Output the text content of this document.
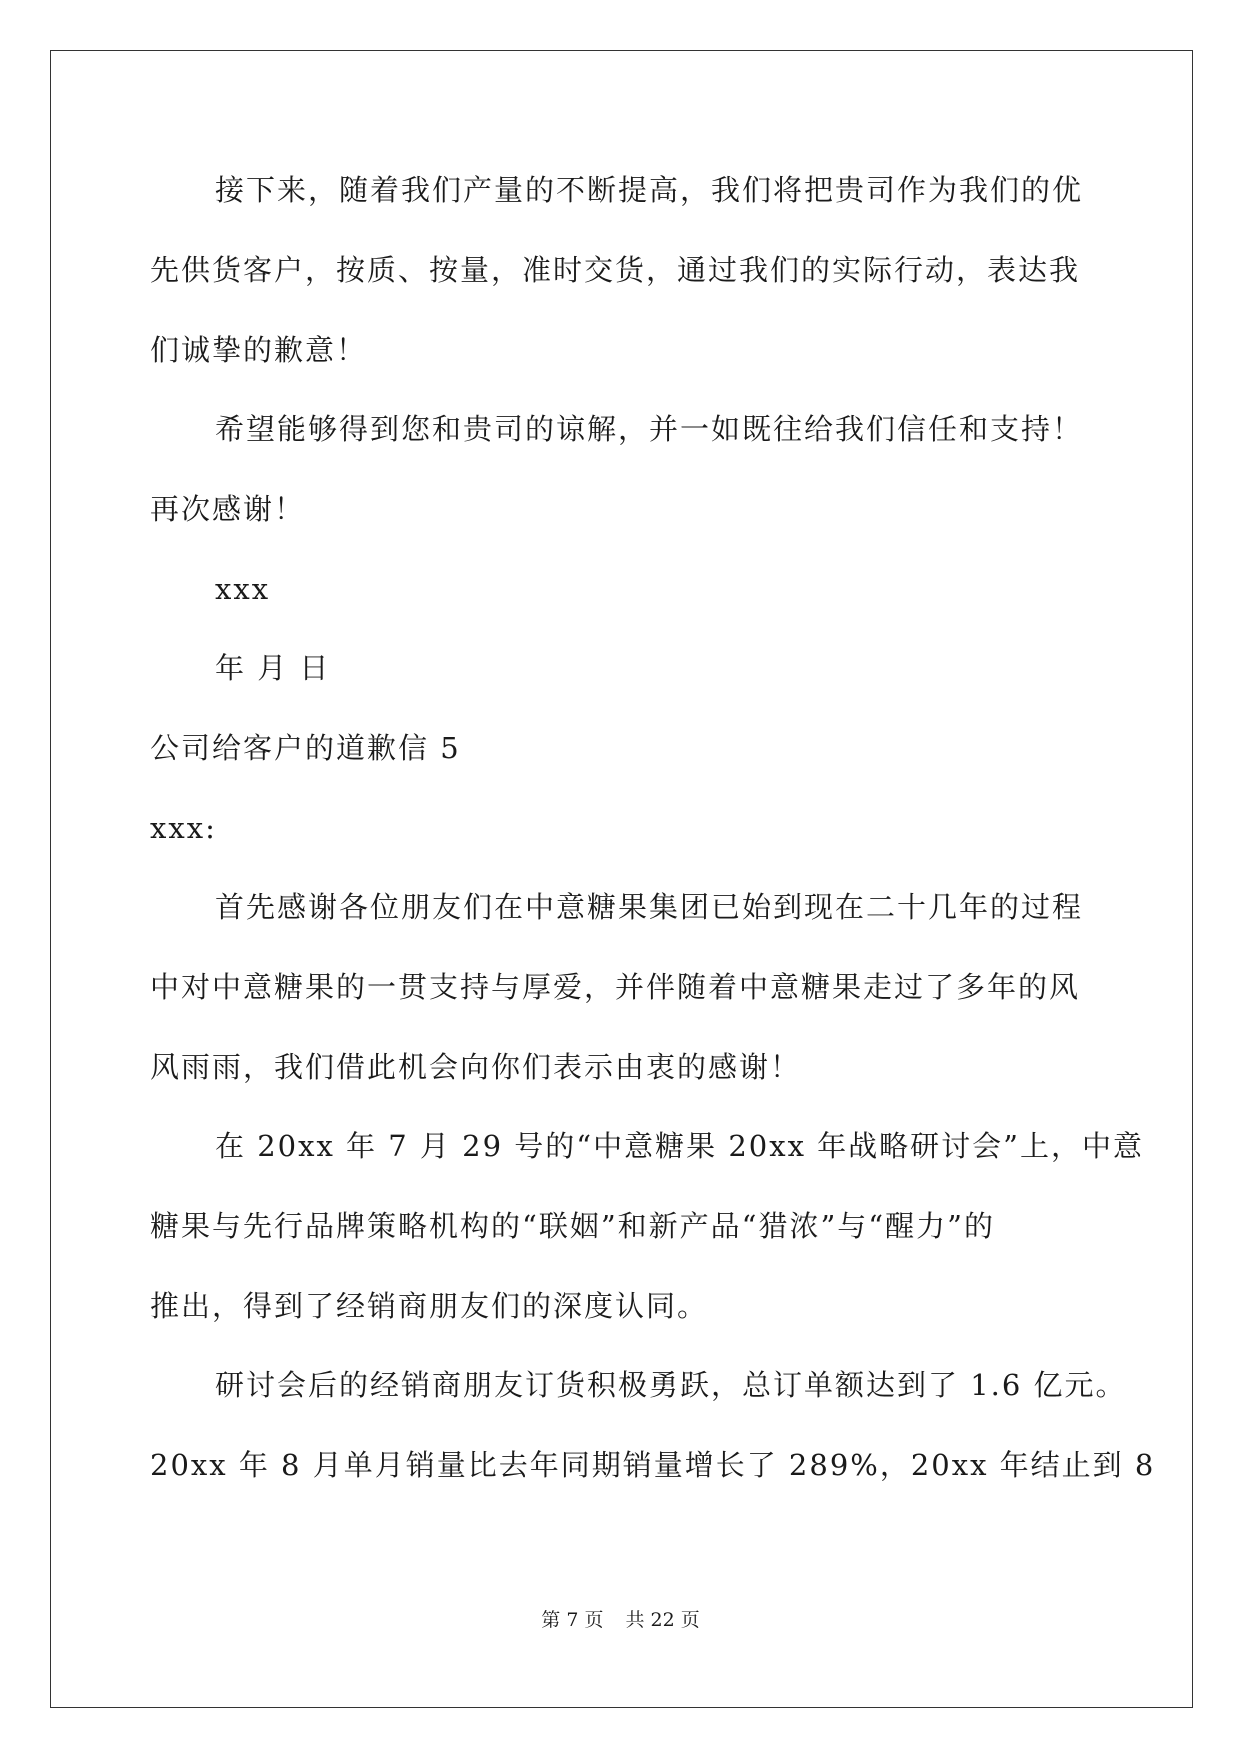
接下来，随着我们产量的不断提高，我们将把贵司作为我们的优
先供货客户，按质、按量，准时交货，通过我们的实际行动，表达我
们诚挚的歉意！
希望能够得到您和贵司的谅解，并一如既往给我们信任和支持！
再次感谢！
xxx
年 月 日
公司给客户的道歉信 5
xxx:
首先感谢各位朋友们在中意糖果集团已始到现在二十几年的过程
中对中意糖果的一贯支持与厚爱，并伴随着中意糖果走过了多年的风
风雨雨，我们借此机会向你们表示由衷的感谢！
在 20xx 年 7 月 29 号的“中意糖果 20xx 年战略研讨会”上，中意
糖果与先行品牌策略机构的“联姻”和新产品“猎浓”与“醒力”的
推出，得到了经销商朋友们的深度认同。
研讨会后的经销商朋友订货积极勇跃，总订单额达到了 1.6 亿元。
20xx 年 8 月单月销量比去年同期销量增长了 289%，20xx 年结止到 8
第 7 页 共 22 页
